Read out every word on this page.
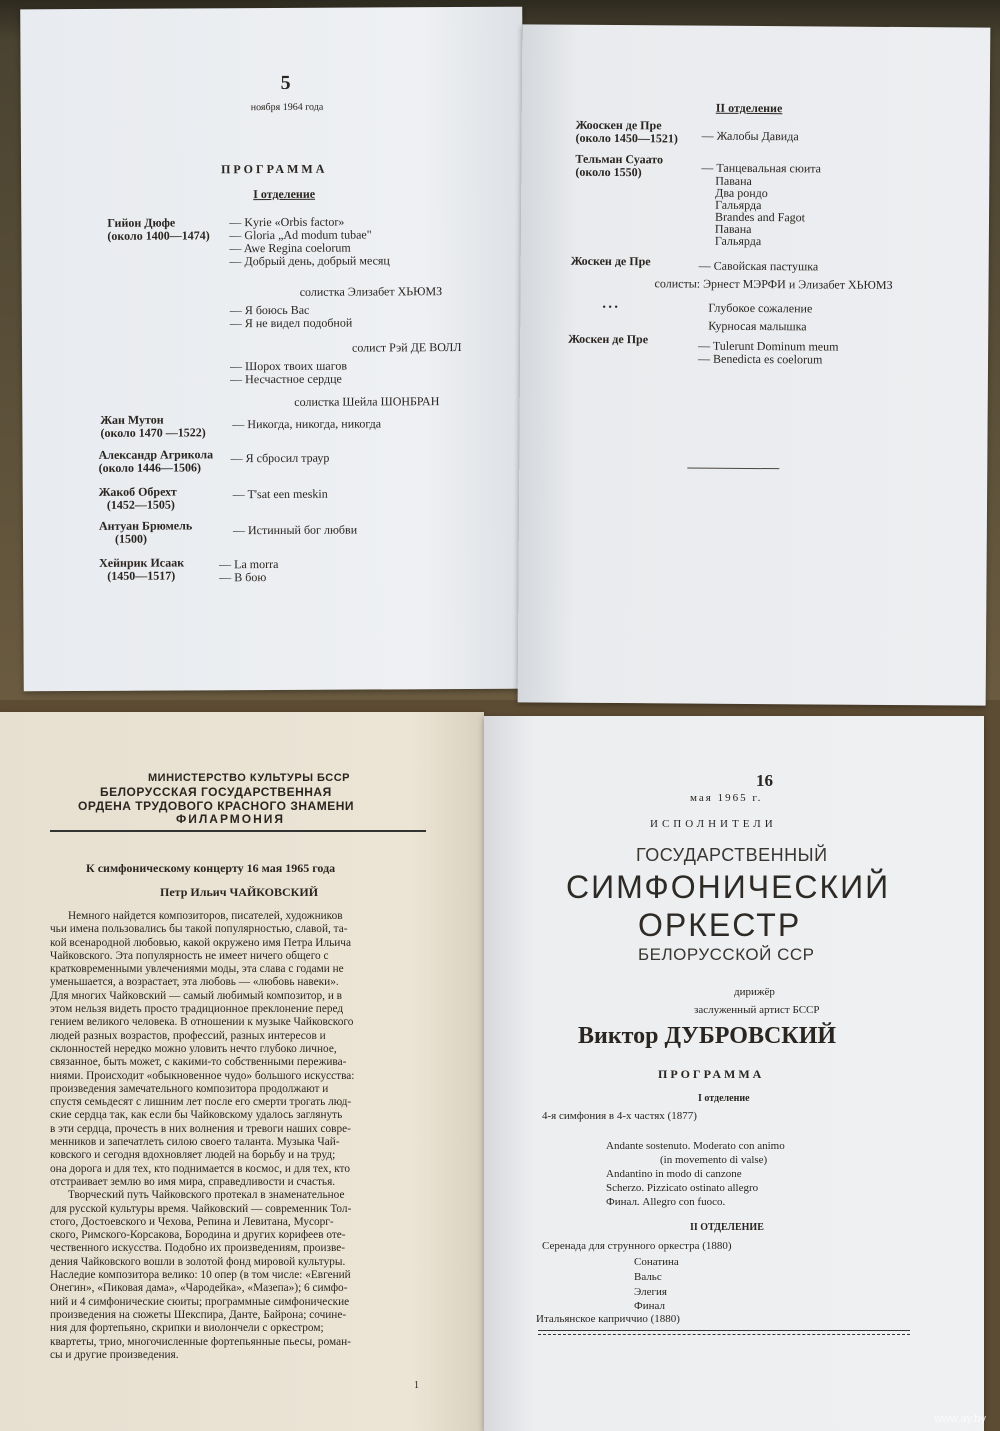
5
ноября 1964 года
ПРОГРАММА
I отделение
Гийон Дюфе
(около 1400—1474)
— Kyrie «Orbis factor»
— Gloria „Ad modum tubae"
— Awe Regina coelorum
— Добрый день, добрый месяц
солистка Элизабет ХЬЮМЗ
— Я боюсь Вас
— Я не видел подобной
солист Рэй ДЕ ВОЛЛ
— Шорох твоих шагов
— Несчастное сердце
солистка Шейла ШОНБРАН
Жан Мутон
(около 1470 —1522)
— Никогда, никогда, никогда
Александр Агрикола
(около 1446—1506)
— Я сбросил траур
Жакоб Обрехт
(1452—1505)
— T'sat een meskin
Антуан Брюмель
(1500)
— Истинный бог любви
Хейнрик Исаак
(1450—1517)
— La morra
— В бою
II отделение
Жооскен де Пре
(около 1450—1521) — Жалобы Давида
Тельман Суаато
(около 1550)	— Танцевальная сюита
Павана
Два рондо
Гальярда
Brandes and Fagot
Павана
Гальярда
Жоскен де Пре	— Савойская пастушка
солисты: Эрнест МЭРФИ и Элизабет ХЬЮМЗ
• • •	Глубокое сожаление
Курносая малышка
Жоскен де Пре	— Tulerunt Dominum meum
— Benedicta es coelorum
МИНИСТЕРСТВО КУЛЬТУРЫ БССР
БЕЛОРУССКАЯ ГОСУДАРСТВЕННАЯ
ОРДЕНА ТРУДОВОГО КРАСНОГО ЗНАМЕНИ
ФИЛАРМОНИЯ
К симфоническому концерту 16 мая 1965 года
Петр Ильич ЧАЙКОВСКИЙ
Немного найдется композиторов, писателей, художников
чьи имена пользовались бы такой популярностью, славой, та-
кой всенародной любовью, какой окружено имя Петра Ильича
Чайковского. Эта популярность не имеет ничего общего с
кратковременными увлечениями моды, эта слава с годами не
уменьшается, а возрастает, эта любовь — «любовь навеки».
Для многих Чайковский — самый любимый композитор, и в
этом нельзя видеть просто традиционное преклонение перед
гением великого человека. В отношении к музыке Чайковского
людей разных возрастов, профессий, разных интересов и
склонностей нередко можно уловить нечто глубоко личное,
связанное, быть может, с какими-то собственными пережива-
ниями. Происходит «обыкновенное чудо» большого искусства:
произведения замечательного композитора продолжают и
спустя семьдесят с лишним лет после его смерти трогать люд-
ские сердца так, как если бы Чайковскому удалось заглянуть
в эти сердца, прочесть в них волнения и тревоги наших совре-
менников и запечатлеть силою своего таланта. Музыка Чай-
ковского и сегодня вдохновляет людей на борьбу и на труд;
она дорога и для тех, кто поднимается в космос, и для тех, кто
отстраивает землю во имя мира, справедливости и счастья.
Творческий путь Чайковского протекал в знаменательное
для русской культуры время. Чайковский — современник Тол-
стого, Достоевского и Чехова, Репина и Левитана, Мусорг-
ского, Римского-Корсакова, Бородина и других корифеев оте-
чественного искусства. Подобно их произведениям, произве-
дения Чайковского вошли в золотой фонд мировой культуры.
Наследие композитора велико: 10 опер (в том числе: «Евгений
Онегин», «Пиковая дама», «Чародейка», «Мазепа»); 6 симфо-
ний и 4 симфонические сюиты; программные симфонические
произведения на сюжеты Шекспира, Данте, Байрона; сочине-
ния для фортепьяно, скрипки и виолончели с оркестром;
квартеты, трио, многочисленные фортепьянные пьесы, роман-
сы и другие произведения.
1
16
мая 1965 г.
ИСПОЛНИТЕЛИ
ГОСУДАРСТВЕННЫЙ
СИМФОНИЧЕСКИЙ
ОРКЕСТР
БЕЛОРУССКОЙ ССР
дирижёр
заслуженный артист БССР
Виктор ДУБРОВСКИЙ
ПРОГРАММА
I отделение
4-я симфония в 4-х частях (1877)
Andante sostenuto. Moderato con animo
(in movemento di valse)
Andantino in modo di canzone
Scherzo. Pizzicato ostinato allegro
Финал. Allegro con fuoco.
II ОТДЕЛЕНИЕ
Серенада для струнного оркестра (1880)
Сонатина
Вальс
Элегия
Финал
Итальянское каприччио (1880)
www.ay.by
